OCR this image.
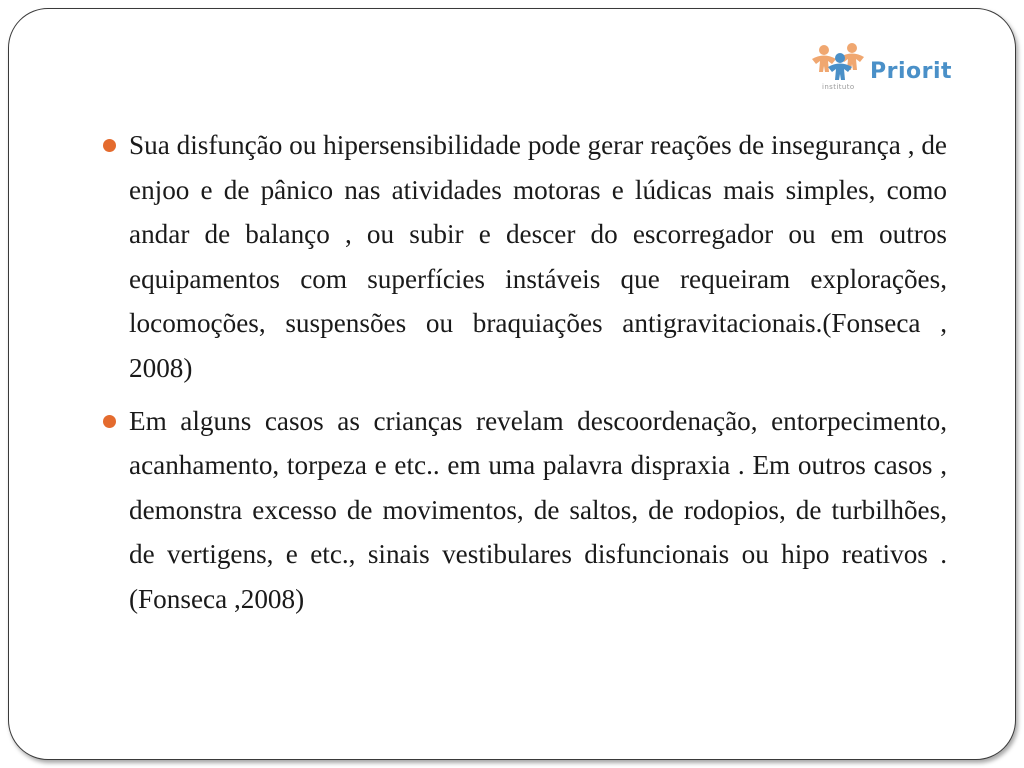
Priorit
instituto
Sua disfunção ou hipersensibilidade pode gerar reações de insegurança , de enjoo e de pânico nas atividades motoras e lúdicas mais simples, como andar de balanço , ou subir e descer do escorregador ou em outros equipamentos com superfícies instáveis que requeiram explorações, locomoções, suspensões ou braquiações antigravitacionais.(Fonseca , 2008)
Em alguns casos as crianças revelam descoordenação, entorpecimento, acanhamento, torpeza e etc.. em uma palavra dispraxia . Em outros casos , demonstra excesso de movimentos, de saltos, de rodopios, de turbilhões, de vertigens, e etc., sinais vestibulares disfuncionais ou hipo reativos .(Fonseca ,2008)
